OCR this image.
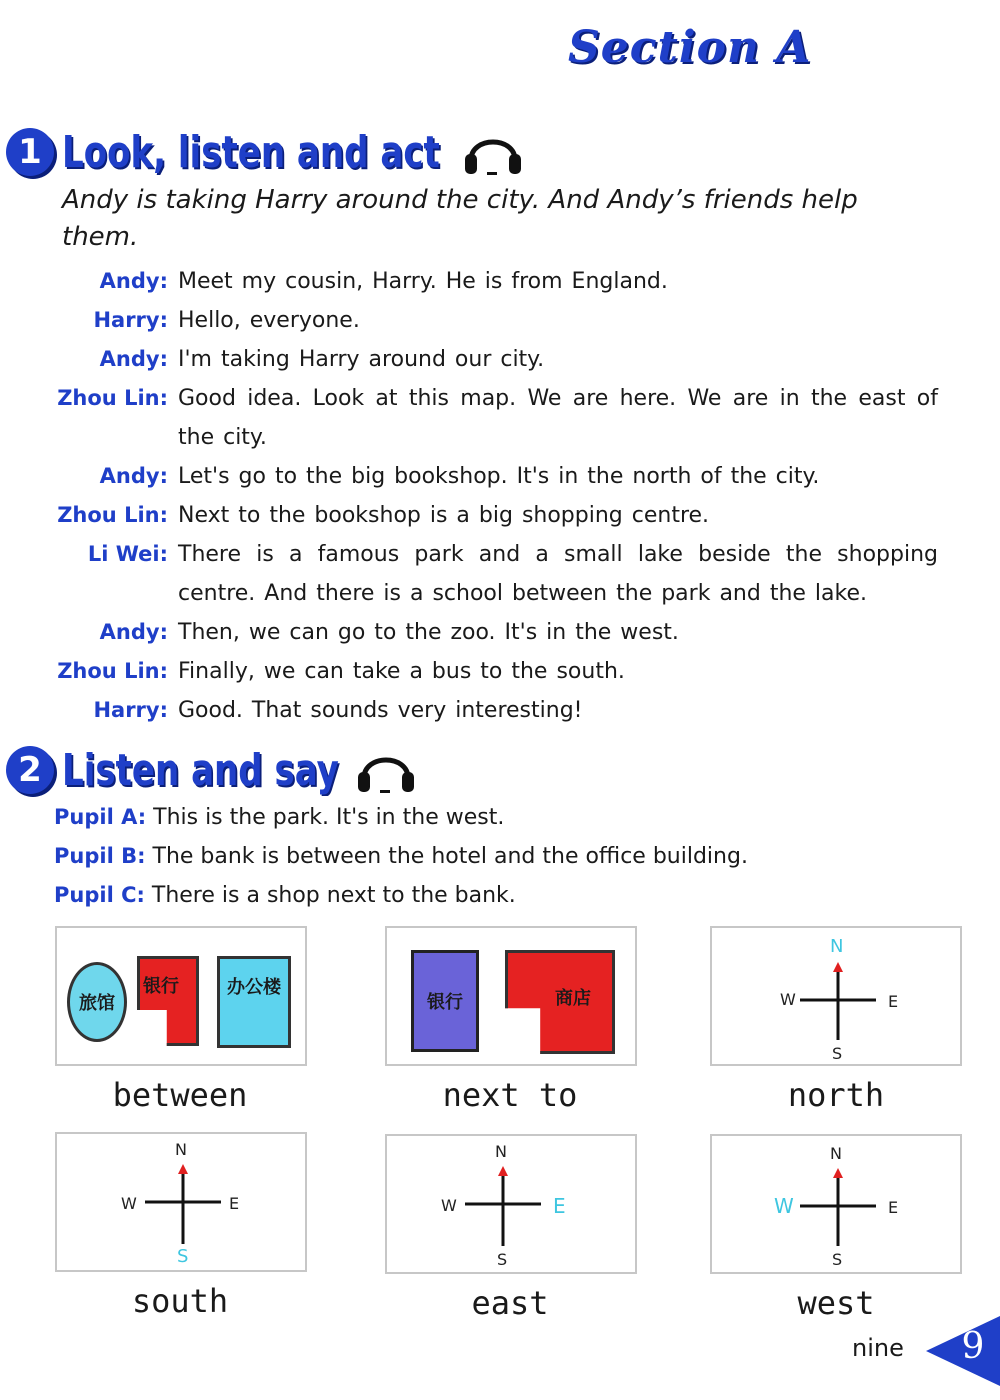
Section A
1 Look, listen and act
Andy is taking Harry around the city. And Andy’s friends help them.
Andy: Meet my cousin, Harry. He is from England.
Harry: Hello, everyone.
Andy: I'm taking Harry around our city.
Zhou Lin: Good idea. Look at this map. We are here. We are in the east of the city.
Andy: Let's go to the big bookshop. It's in the north of the city.
Zhou Lin: Next to the bookshop is a big shopping centre.
Li Wei: There is a famous park and a small lake beside the shopping centre. And there is a school between the park and the lake.
Andy: Then, we can go to the zoo. It's in the west.
Zhou Lin: Finally, we can take a bus to the south.
Harry: Good. That sounds very interesting!
2 Listen and say
Pupil A: This is the park. It's in the west.
Pupil B: The bank is between the hotel and the office building.
Pupil C: There is a shop next to the bank.
旅馆
银行	办公楼
between
银行	商店
next to
N
S
W	E
north
N
S
W	E
south
N
S
W	E
east
N
S
W	E
west
nine 9
